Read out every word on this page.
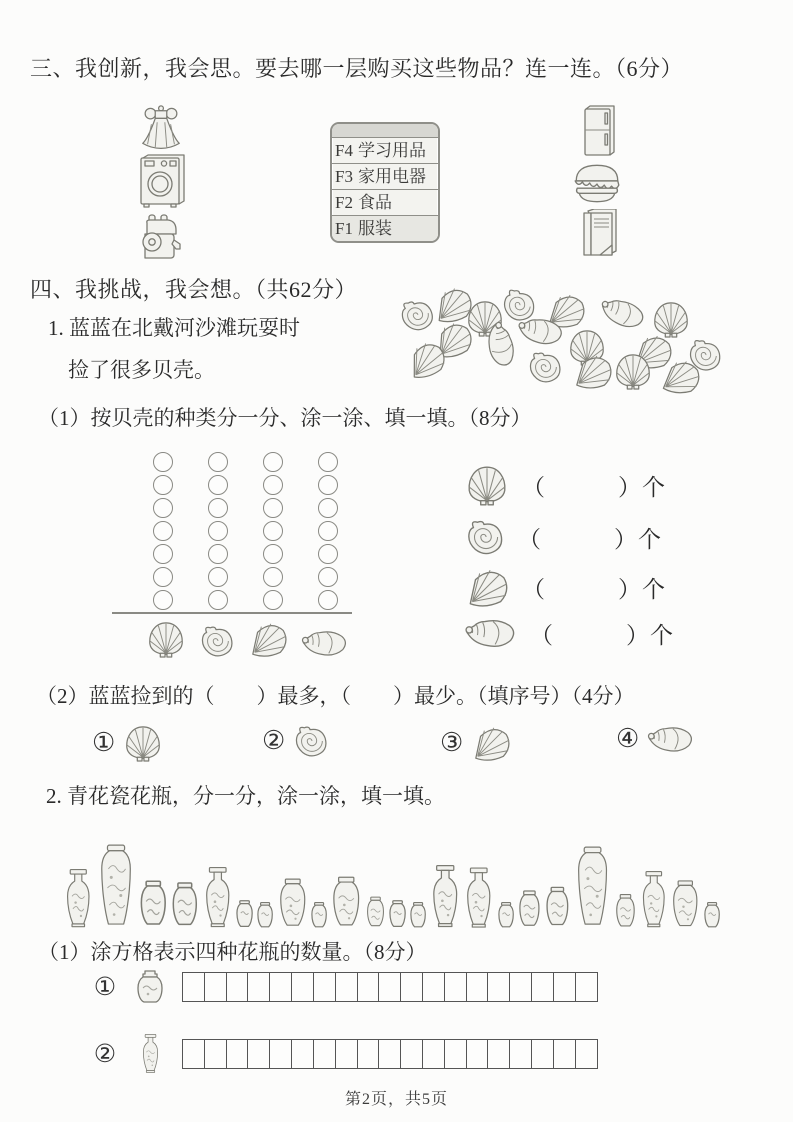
三、我创新，我会思。要去哪一层购买这些物品？连一连。（6分）
F4 学习用品
F3 家用电器
F2 食品
F1 服装
四、我挑战，我会想。（共62分）
1. 蓝蓝在北戴河沙滩玩耍时
捡了很多贝壳。
（1）按贝壳的种类分一分、涂一涂、填一填。（8分）
（　　　）个
（　　　）个
（　　　）个
（　　　）个
（2）蓝蓝捡到的（　　）最多，（　　）最少。（填序号）（4分）
①	②	③	④
2. 青花瓷花瓶，分一分，涂一涂，填一填。
（1）涂方格表示四种花瓶的数量。（8分）
①
②
第2页，共5页
